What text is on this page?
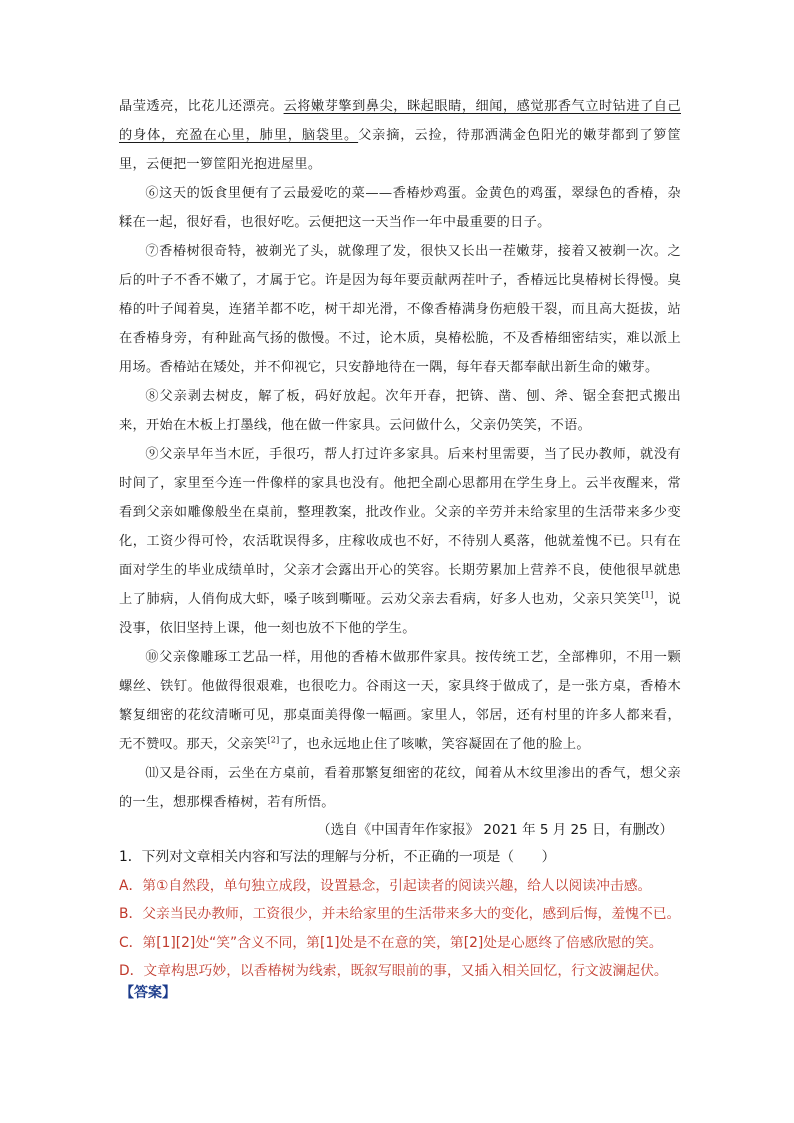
晶莹透亮，比花儿还漂亮。云将嫩芽擎到鼻尖，眯起眼睛，细闻，感觉那香气立时钻进了自己的身体，充盈在心里，肺里，脑袋里。父亲摘，云捡，待那洒满金色阳光的嫩芽都到了箩筐里，云便把一箩筐阳光抱进屋里。

⑥这天的饭食里便有了云最爱吃的菜——香椿炒鸡蛋。金黄色的鸡蛋，翠绿色的香椿，杂糅在一起，很好看，也很好吃。云便把这一天当作一年中最重要的日子。

⑦香椿树很奇特，被剃光了头，就像理了发，很快又长出一茬嫩芽，接着又被剃一次。之后的叶子不香不嫩了，才属于它。许是因为每年要贡献两茬叶子，香椿远比臭椿树长得慢。臭椿的叶子闻着臭，连猪羊都不吃，树干却光滑，不像香椿满身伤疤般干裂，而且高大挺拔，站在香椿身旁，有种趾高气扬的傲慢。不过，论木质，臭椿松脆，不及香椿细密结实，难以派上用场。香椿站在矮处，并不仰视它，只安静地待在一隅，每年春天都奉献出新生命的嫩芽。

⑧父亲剥去树皮，解了板，码好放起。次年开春，把锛、凿、刨、斧、锯全套把式搬出来，开始在木板上打墨线，他在做一件家具。云问做什么，父亲仍笑笑，不语。

⑨父亲早年当木匠，手很巧，帮人打过许多家具。后来村里需要，当了民办教师，就没有时间了，家里至今连一件像样的家具也没有。他把全副心思都用在学生身上。云半夜醒来，常看到父亲如雕像般坐在桌前，整理教案，批改作业。父亲的辛劳并未给家里的生活带来多少变化，工资少得可怜，农活耽误得多，庄稼收成也不好，不待别人奚落，他就羞愧不已。只有在面对学生的毕业成绩单时，父亲才会露出开心的笑容。长期劳累加上营养不良，使他很早就患上了肺病，人俏佝成大虾，嗓子咳到嘶哑。云劝父亲去看病，好多人也劝，父亲只笑笑[1]，说没事，依旧坚持上课，他一刻也放不下他的学生。

⑩父亲像雕琢工艺品一样，用他的香椿木做那件家具。按传统工艺，全部榫卯，不用一颗螺丝、铁钉。他做得很艰难，也很吃力。谷雨这一天，家具终于做成了，是一张方桌，香椿木繁复细密的花纹清晰可见，那桌面美得像一幅画。家里人，邻居，还有村里的许多人都来看，无不赞叹。那天，父亲笑[2]了，也永远地止住了咳嗽，笑容凝固在了他的脸上。

⑾又是谷雨，云坐在方桌前，看着那繁复细密的花纹，闻着从木纹里渗出的香气，想父亲的一生，想那棵香椿树，若有所悟。

（选自《中国青年作家报》 2021 年 5 月 25 日，有删改）

1．下列对文章相关内容和写法的理解与分析，不正确的一项是（　　）

A．第①自然段，单句独立成段，设置悬念，引起读者的阅读兴趣，给人以阅读冲击感。

B．父亲当民办教师，工资很少，并未给家里的生活带来多大的变化，感到后悔，羞愧不已。

C．第[1][2]处“笑”含义不同，第[1]处是不在意的笑，第[2]处是心愿终了倍感欣慰的笑。

D．文章构思巧妙，以香椿树为线索，既叙写眼前的事，又插入相关回忆，行文波澜起伏。

【答案】
